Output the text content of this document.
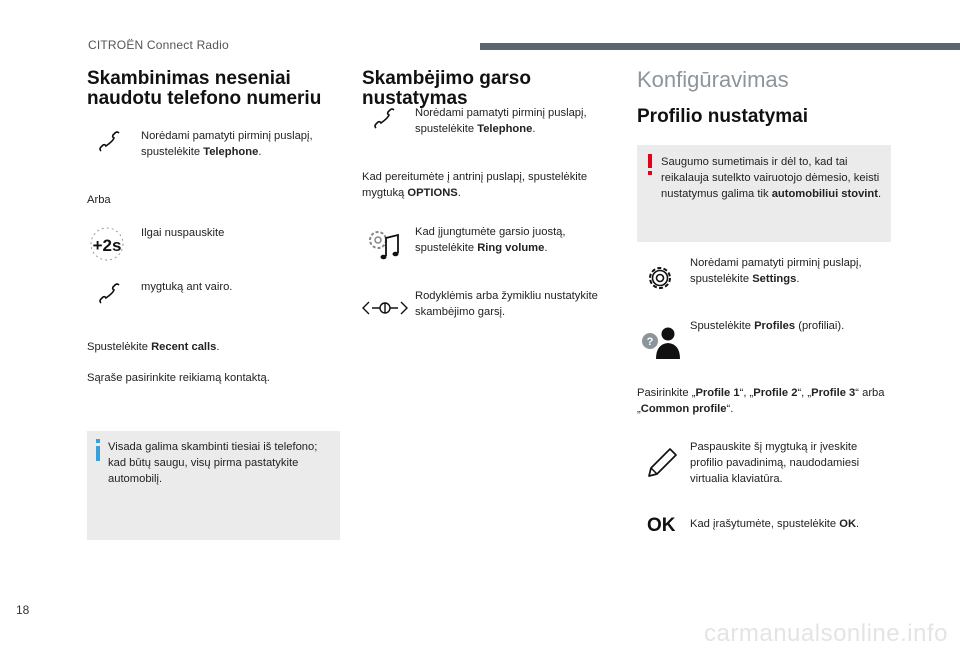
CITROËN Connect Radio
Skambinimas neseniai naudotu telefono numeriu
Norėdami pamatyti pirminį puslapį, spustelėkite Telephone.
Arba
+2s
Ilgai nuspauskite
mygtuką ant vairo.
Spustelėkite Recent calls.
Sąraše pasirinkite reikiamą kontaktą.
Visada galima skambinti tiesiai iš telefono; kad būtų saugu, visų pirma pastatykite automobilį.
Skambėjimo garso nustatymas
Norėdami pamatyti pirminį puslapį, spustelėkite Telephone.
Kad pereitumėte į antrinį puslapį, spustelėkite mygtuką OPTIONS.
Kad įjungtumėte garsio juostą, spustelėkite Ring volume.
Rodyklėmis arba žymikliu nustatykite skambėjimo garsį.
Konfigūravimas
Profilio nustatymai
Saugumo sumetimais ir dėl to, kad tai reikalauja sutelkto vairuotojo dėmesio, keisti nustatymus galima tik automobiliui stovint.
Norėdami pamatyti pirminį puslapį, spustelėkite Settings.
?
Spustelėkite Profiles (profiliai).
Pasirinkite „Profile 1“, „Profile 2“, „Profile 3“ arba „Common profile“.
Paspauskite šį mygtuką ir įveskite profilio pavadinimą, naudodamiesi virtualia klaviatūra.
OK Kad įrašytumėte, spustelėkite OK.
18
carmanualsonline.info
